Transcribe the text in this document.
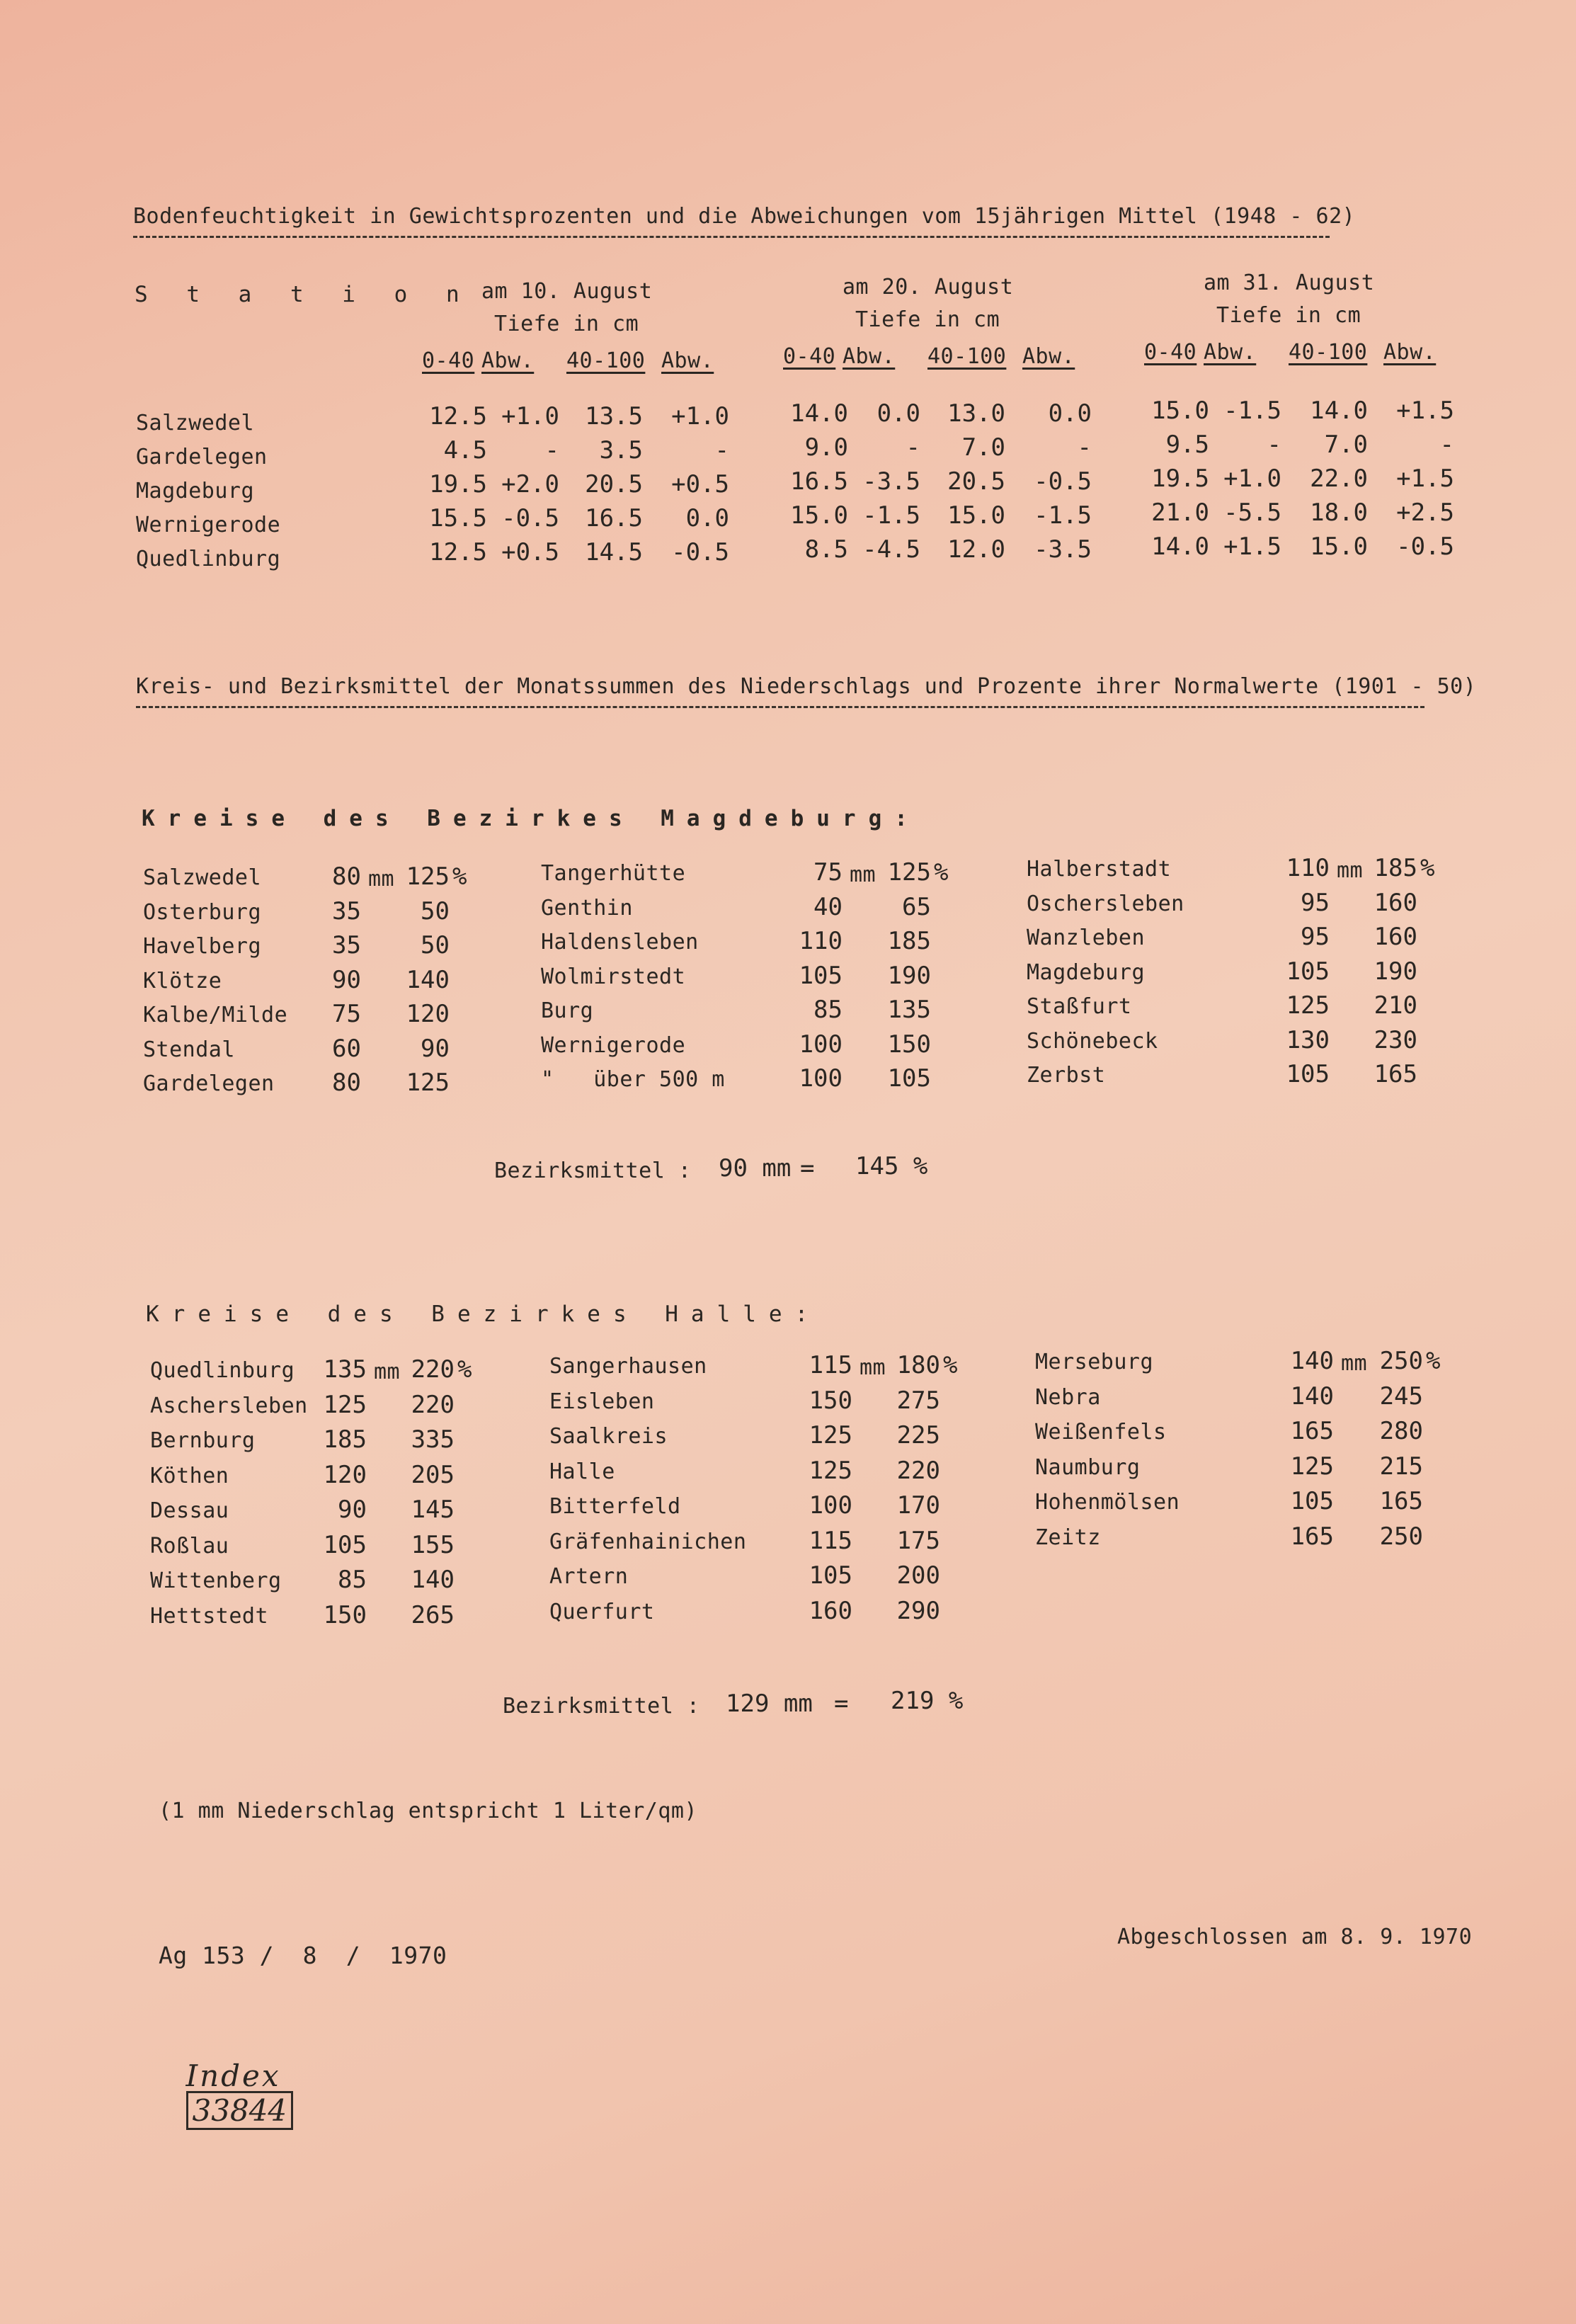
Bodenfeuchtigkeit in Gewichtsprozenten und die Abweichungen vom 15jährigen Mittel (1948 - 62)
S t a t i o n am 10. August
Tiefe in cm
0-40 Abw. 40-100 Abw.
am 20. August
Tiefe in cm
0-40 Abw. 40-100 Abw.
am 31. August
Tiefe in cm
0-40 Abw. 40-100 Abw.
Salzwedel	12.5 +1.0 13.5 +1.0	14.0	0.0 13.0	0.0 15.0 -1.5 14.0 +1.5
Gardelegen	4.5	-	3.5	-	9.0	-	7.0	-	9.5	-	7.0	-
Magdeburg	19.5 +2.0 20.5 +0.5	16.5 -3.5 20.5 -0.5 19.5 +1.0 22.0 +1.5
Wernigerode	15.5 -0.5 16.5	0.0	15.0 -1.5 15.0 -1.5 21.0 -5.5 18.0 +2.5
Quedlinburg	12.5 +0.5 14.5 -0.5	8.5 -4.5 12.0 -3.5 14.0 +1.5 15.0 -0.5
Kreis- und Bezirksmittel der Monatssummen des Niederschlags und Prozente ihrer Normalwerte (1901 - 50)
Kreise des Bezirkes Magdeburg:
Salzwedel	80 mm 125 %
Osterburg	35	50
Havelberg	35	50
Klötze	90	140
Kalbe/Milde	75	120
Stendal	60	90
Gardelegen	80	125
Tangerhütte	75 mm 125 %
Genthin	40	65
Haldensleben	110	185
Wolmirstedt	105	190
Burg	85	135
Wernigerode	100	150
"   über 500 m	100	105
Halberstadt	110 mm 185 %
Oschersleben	95	160
Wanzleben	95	160
Magdeburg	105	190
Staßfurt	125	210
Schönebeck	130	230
Zerbst	105	165
Bezirksmittel : 90 mm = 145 %
Kreise des Bezirkes Halle:
Quedlinburg	135 mm 220 %
Aschersleben 125	220
Bernburg	185	335
Köthen	120	205
Dessau	90	145
Roßlau	105	155
Wittenberg	85	140
Hettstedt	150	265
Sangerhausen	115 mm 180 %
Eisleben	150	275
Saalkreis	125	225
Halle	125	220
Bitterfeld	100	170
Gräfenhainichen	115	175
Artern	105	200
Querfurt	160	290
Merseburg	140 mm 250 %
Nebra	140	245
Weißenfels	165	280
Naumburg	125	215
Hohenmölsen	105	165
Zeitz	165	250
Bezirksmittel : 129 mm = 219 %
(1 mm Niederschlag entspricht 1 Liter/qm)
Ag 153 /  8  /  1970
Abgeschlossen am 8. 9. 1970

Index
33844
